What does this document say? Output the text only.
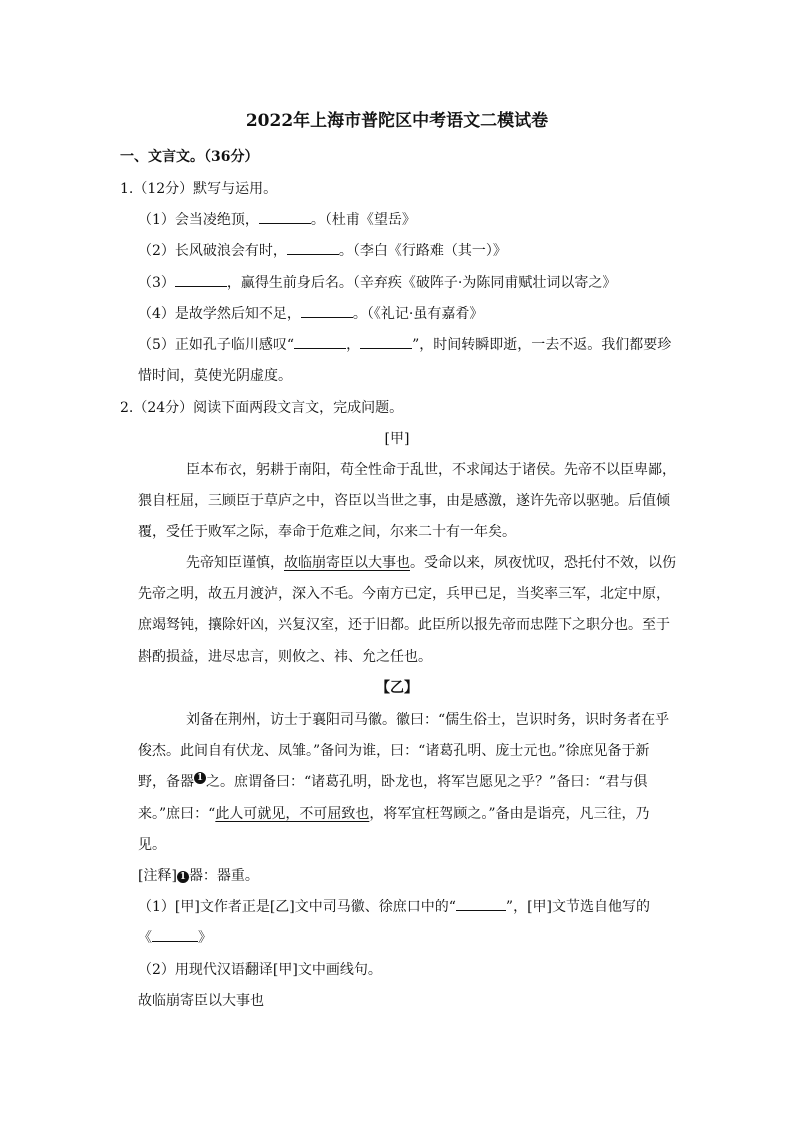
2022年上海市普陀区中考语文二模试卷
一、文言文。（36分）
1.（12分）默写与运用。
（1）会当凌绝顶，	。（杜甫《望岳》
（2）长风破浪会有时，	。（李白《行路难（其一）》
（3）	，赢得生前身后名。（辛弃疾《破阵子·为陈同甫赋壮词以寄之》
（4）是故学然后知不足，	。（《礼记·虽有嘉肴》
（5）正如孔子临川感叹“	，	”，时间转瞬即逝，一去不返。我们都要珍
惜时间，莫使光阴虚度。
2.（24分）阅读下面两段文言文，完成问题。
[甲]
臣本布衣，躬耕于南阳，苟全性命于乱世，不求闻达于诸侯。先帝不以臣卑鄙，
猥自枉屈，三顾臣于草庐之中，咨臣以当世之事，由是感激，遂许先帝以驱驰。后值倾
覆，受任于败军之际，奉命于危难之间，尔来二十有一年矣。
先帝知臣谨慎，故临崩寄臣以大事也。受命以来，夙夜忧叹，恐托付不效，以伤
先帝之明，故五月渡泸，深入不毛。今南方已定，兵甲已足，当奖率三军，北定中原，
庶竭驽钝，攘除奸凶，兴复汉室，还于旧都。此臣所以报先帝而忠陛下之职分也。至于
斟酌损益，进尽忠言，则攸之、祎、允之任也。
【乙】
刘备在荆州，访士于襄阳司马徽。徽曰：“儒生俗士，岂识时务，识时务者在乎
俊杰。此间自有伏龙、凤雏。”备问为谁，曰：“诸葛孔明、庞士元也。”徐庶见备于新
野，备器 1 之。庶谓备曰：“诸葛孔明，卧龙也，将军岂愿见之乎？”备曰：“君与俱
来。”庶曰：“此人可就见，不可屈致也，将军宜枉驾顾之。”备由是诣亮，凡三往，乃
见。
[注释] 1 器：器重。
（1）[甲]文作者正是[乙]文中司马徽、徐庶口中的“	”，[甲]文节选自他写的
《	》
（2）用现代汉语翻译[甲]文中画线句。
故临崩寄臣以大事也
